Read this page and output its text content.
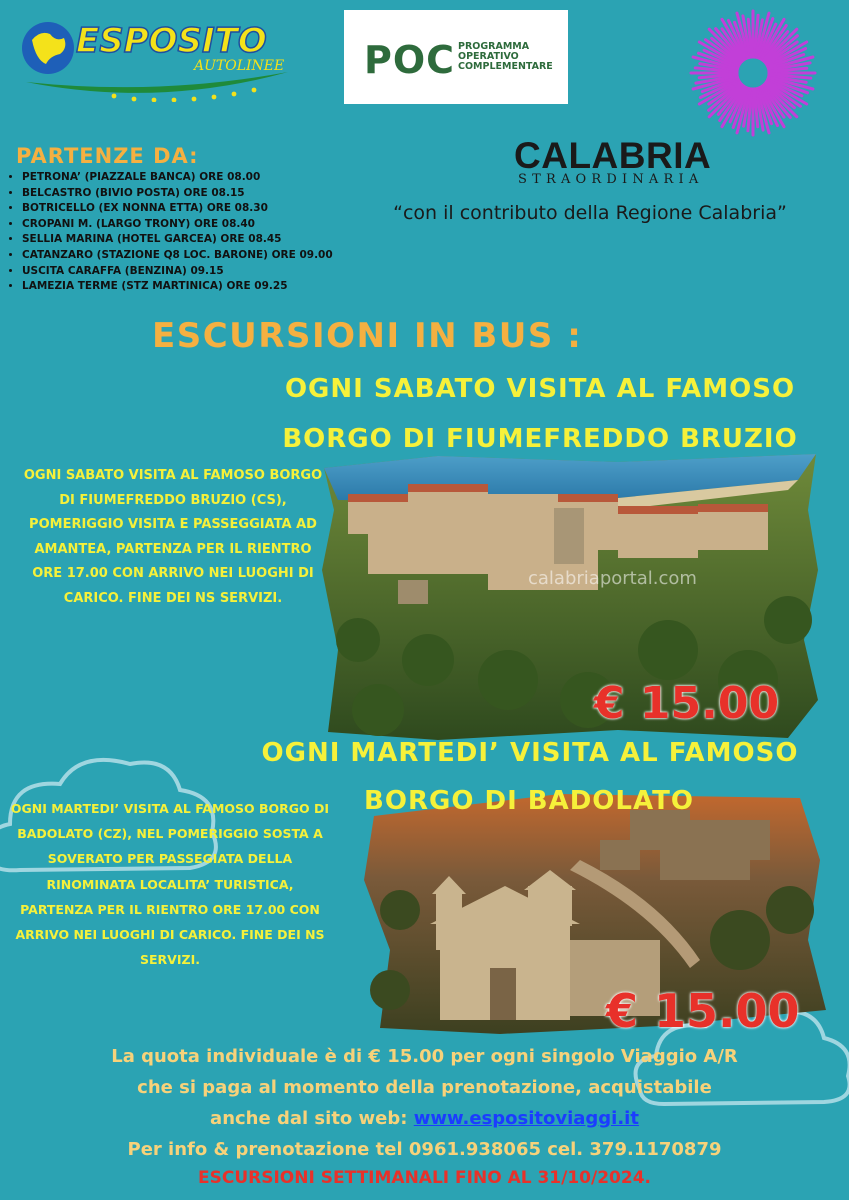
ESPOSITO
AUTOLINEE POC PROGRAMMA
OPERATIVO
COMPLEMENTARE
PARTENZE DA:
• PETRONA’ (PIAZZALE BANCA) ORE 08.00
• BELCASTRO (BIVIO POSTA) ORE 08.15
• BOTRICELLO (EX NONNA ETTA) ORE 08.30
• CROPANI M. (LARGO TRONY) ORE 08.40
• SELLIA MARINA (HOTEL GARCEA) ORE 08.45
• CATANZARO (STAZIONE Q8 LOC. BARONE) ORE 09.00
• USCITA CARAFFA (BENZINA) 09.15
• LAMEZIA TERME (STZ MARTINICA) ORE 09.25
CALABRIA
STRAORDINARIA
“con il contributo della Regione Calabria”
ESCURSIONI IN BUS :
OGNI SABATO VISITA AL FAMOSO
BORGO DI FIUMEFREDDO BRUZIO
calabriaportal.com
OGNI SABATO VISITA AL FAMOSO BORGO DI FIUMEFREDDO BRUZIO (CS), POMERIGGIO VISITA E PASSEGGIATA AD AMANTEA, PARTENZA PER IL RIENTRO ORE 17.00 CON ARRIVO NEI LUOGHI DI CARICO. FINE DEI NS SERVIZI.
€ 15.00
OGNI MARTEDI’ VISITA AL FAMOSO
BORGO DI BADOLATO
OGNI MARTEDI’ VISITA AL FAMOSO BORGO DI BADOLATO (CZ), NEL POMERIGGIO SOSTA A SOVERATO PER PASSEGIATA DELLA RINOMINATA LOCALITA’ TURISTICA, PARTENZA PER IL RIENTRO ORE 17.00 CON ARRIVO NEI LUOGHI DI CARICO. FINE DEI NS SERVIZI.
€ 15.00
La quota individuale è di € 15.00 per ogni singolo Viaggio A/R
che si paga al momento della prenotazione, acquistabile
anche dal sito web: www.espositoviaggi.it
Per info & prenotazione tel 0961.938065 cel. 379.1170879
ESCURSIONI SETTIMANALI FINO AL 31/10/2024.
